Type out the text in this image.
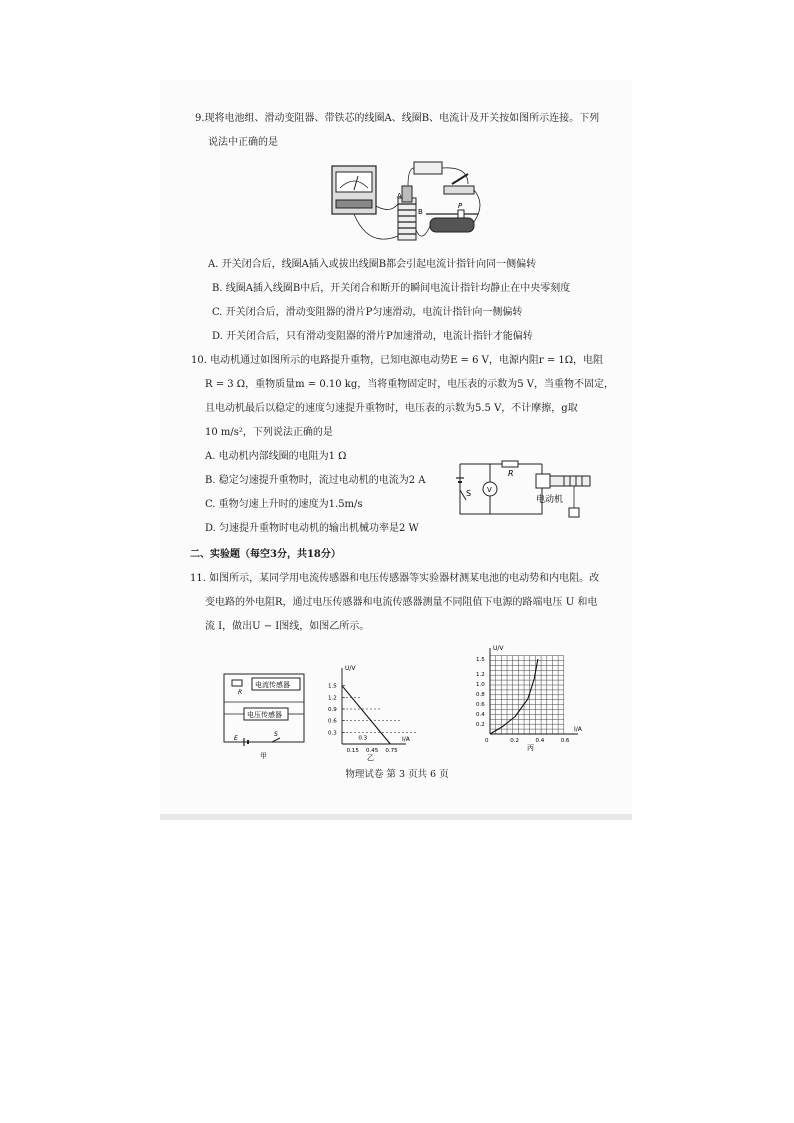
9.现将电池组、滑动变阻器、带铁芯的线圈A、线圈B、电流计及开关按如图所示连接。下列
说法中正确的是
A
B
P
A. 开关闭合后，线圈A插入或拔出线圈B都会引起电流计指针向同一侧偏转
B. 线圈A插入线圈B中后，开关闭合和断开的瞬间电流计指针均静止在中央零刻度
C. 开关闭合后，滑动变阻器的滑片P匀速滑动，电流计指针向一侧偏转
D. 开关闭合后，只有滑动变阻器的滑片P加速滑动，电流计指针才能偏转
10. 电动机通过如图所示的电路提升重物，已知电源电动势E = 6 V，电源内阻r = 1Ω，电阻
R = 3 Ω，重物质量m = 0.10 kg，当将重物固定时，电压表的示数为5 V，当重物不固定，
且电动机最后以稳定的速度匀速提升重物时，电压表的示数为5.5 V，不计摩擦，g取
10 m/s²，下列说法正确的是
A. 电动机内部线圈的电阻为1 Ω
B. 稳定匀速提升重物时，流过电动机的电流为2 A
C. 重物匀速上升时的速度为1.5m/s
D. 匀速提升重物时电动机的输出机械功率是2 W
S V
R
电动机
二、实验题（每空3分，共18分）
11. 如图所示，某同学用电流传感器和电压传感器等实验器材测某电池的电动势和内电阻。改
变电路的外电阻R，通过电压传感器和电流传感器测量不同阻值下电源的路端电压 U 和电
流 I，做出U − I图线，如图乙所示。
R
电流传感器
电压传感器
E
S
甲
U/V
I/A
1.5
1.2
0.9
0.6
0.3
0.15 0.45 0.75
0.3
乙
U/V
I/A
1.5
1.2
1.0
0.8
0.6
0.4
0.2
0	0.2	0.4	0.6
丙
物理试卷 第 3 页共 6 页
